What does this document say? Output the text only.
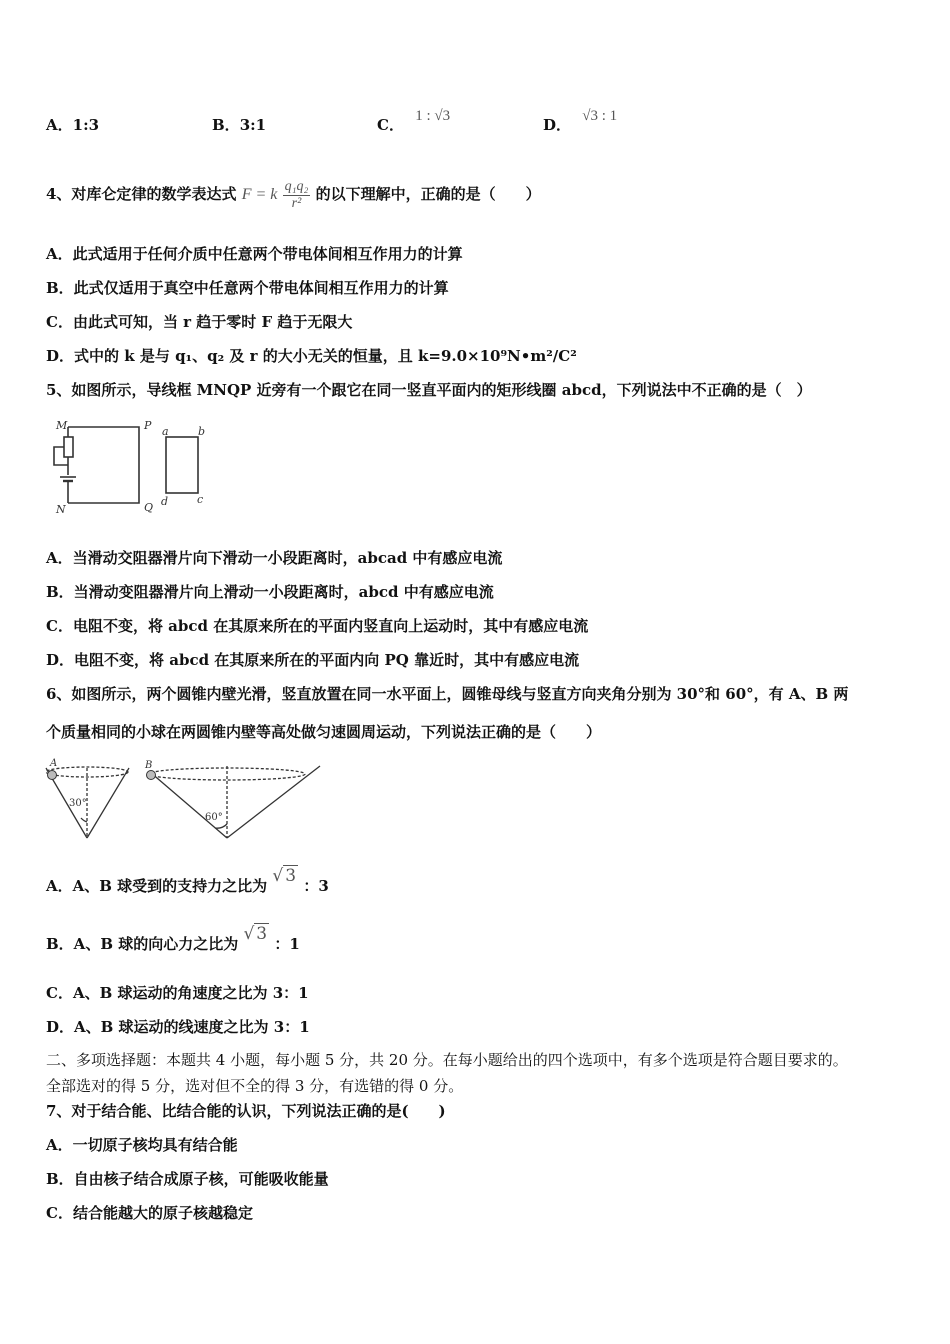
A．1:3	B．3:1	C． 1 : √3	D． √3 : 1
4、对库仑定律的数学表达式 F = k $\frac{\text{q₁q₂}}{\text{r²}}$ 的以下理解中，正确的是（　　）
A．此式适用于任何介质中任意两个带电体间相互作用力的计算
B．此式仅适用于真空中任意两个带电体间相互作用力的计算
C．由此式可知，当 r 趋于零时 F 趋于无限大
D．式中的 k 是与 q₁、q₂ 及 r 的大小无关的恒量，且 k=9.0×10⁹N•m²/C²
5、如图所示，导线框 MNQP 近旁有一个跟它在同一竖直平面内的矩形线圈 abcd，下列说法中不正确的是（　）
M	P
N	Q
a	b
d	c
A．当滑动交阻器滑片向下滑动一小段距离时，abcad 中有感应电流
B．当滑动变阻器滑片向上滑动一小段距离时，abcd 中有感应电流
C．电阻不变，将 abcd 在其原来所在的平面内竖直向上运动时，其中有感应电流
D．电阻不变，将 abcd 在其原来所在的平面内向 PQ 靠近时，其中有感应电流
6、如图所示，两个圆锥内壁光滑，竖直放置在同一水平面上，圆锥母线与竖直方向夹角分别为 30°和 60°，有 A、B 两
个质量相同的小球在两圆锥内壁等高处做匀速圆周运动，下列说法正确的是（　　）
A
30°
B
60°
A．A、B 球受到的支持力之比为 √ 3 ：3
B．A、B 球的向心力之比为 √ 3 ：1
C．A、B 球运动的角速度之比为 3：1
D．A、B 球运动的线速度之比为 3：1
二、多项选择题：本题共 4 小题，每小题 5 分，共 20 分。在每小题给出的四个选项中，有多个选项是符合题目要求的。
全部选对的得 5 分，选对但不全的得 3 分，有选错的得 0 分。
7、对于结合能、比结合能的认识，下列说法正确的是(　　)
A．一切原子核均具有结合能
B．自由核子结合成原子核，可能吸收能量
C．结合能越大的原子核越稳定
